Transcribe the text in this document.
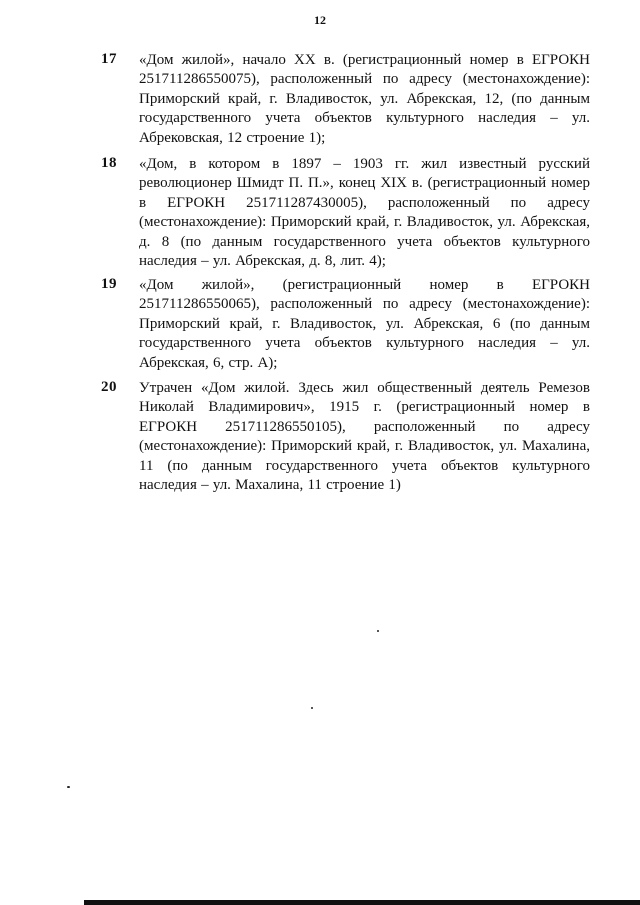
12
17 «Дом жилой», начало XX в. (регистрационный номер в ЕГРОКН 251711286550075), расположенный по адресу (местонахождение): Приморский край, г. Владивосток, ул. Абрекская, 12, (по данным государственного учета объектов культурного наследия – ул. Абрековская, 12 строение 1);
18 «Дом, в котором в 1897 – 1903 гг. жил известный русский революционер Шмидт П. П.», конец XIX в. (регистрационный номер в ЕГРОКН 251711287430005), расположенный по адресу (местонахождение): Приморский край, г. Владивосток, ул. Абрекская, д. 8 (по данным государственного учета объектов культурного наследия – ул. Абрекская, д. 8, лит. 4);
19 «Дом жилой», (регистрационный номер в ЕГРОКН 251711286550065), расположенный по адресу (местонахождение): Приморский край, г. Владивосток, ул. Абрекская, 6 (по данным государственного учета объектов культурного наследия – ул. Абрекская, 6, стр. А);
20 Утрачен «Дом жилой. Здесь жил общественный деятель Ремезов Николай Владимирович», 1915 г. (регистрационный номер в ЕГРОКН 251711286550105), расположенный по адресу (местонахождение): Приморский край, г. Владивосток, ул. Махалина, 11 (по данным государственного учета объектов культурного наследия – ул. Махалина, 11 строение 1)
